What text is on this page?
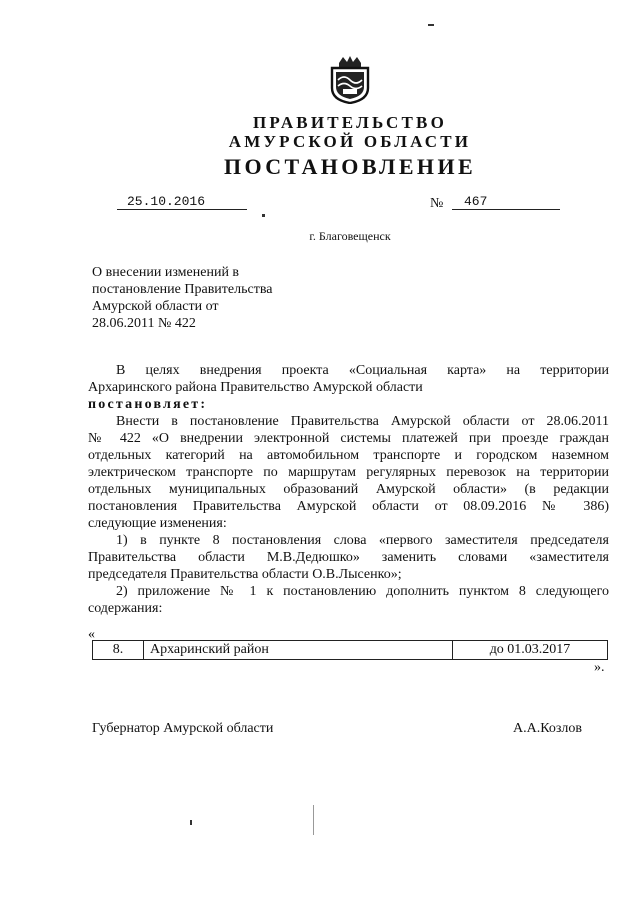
ПРАВИТЕЛЬСТВО
АМУРСКОЙ ОБЛАСТИ
ПОСТАНОВЛЕНИЕ
25.10.2016	№ 467
г. Благовещенск
О внесении изменений в
постановление Правительства
Амурской области от
28.06.2011 № 422

В целях внедрения проекта «Социальная карта» на территории

Архаринского района Правительство Амурской области

постановляет:

Внести в постановление Правительства Амурской области от 28.06.2011

№ 422 «О внедрении электронной системы платежей при проезде граждан

отдельных категорий на автомобильном транспорте и городском наземном

электрическом транспорте по маршрутам регулярных перевозок на территории

отдельных муниципальных образований Амурской области» (в редакции

постановления Правительства Амурской области от 08.09.2016 № 386)

следующие изменения:

1) в пункте 8 постановления слова «первого заместителя председателя

Правительства области М.В.Дедюшко» заменить словами «заместителя

председателя Правительства области О.В.Лысенко»;

2) приложение № 1 к постановлению дополнить пунктом 8 следующего

содержания:

«
8.	Архаринский район	до 01.03.2017
».
Губернатор Амурской области	А.А.Козлов
